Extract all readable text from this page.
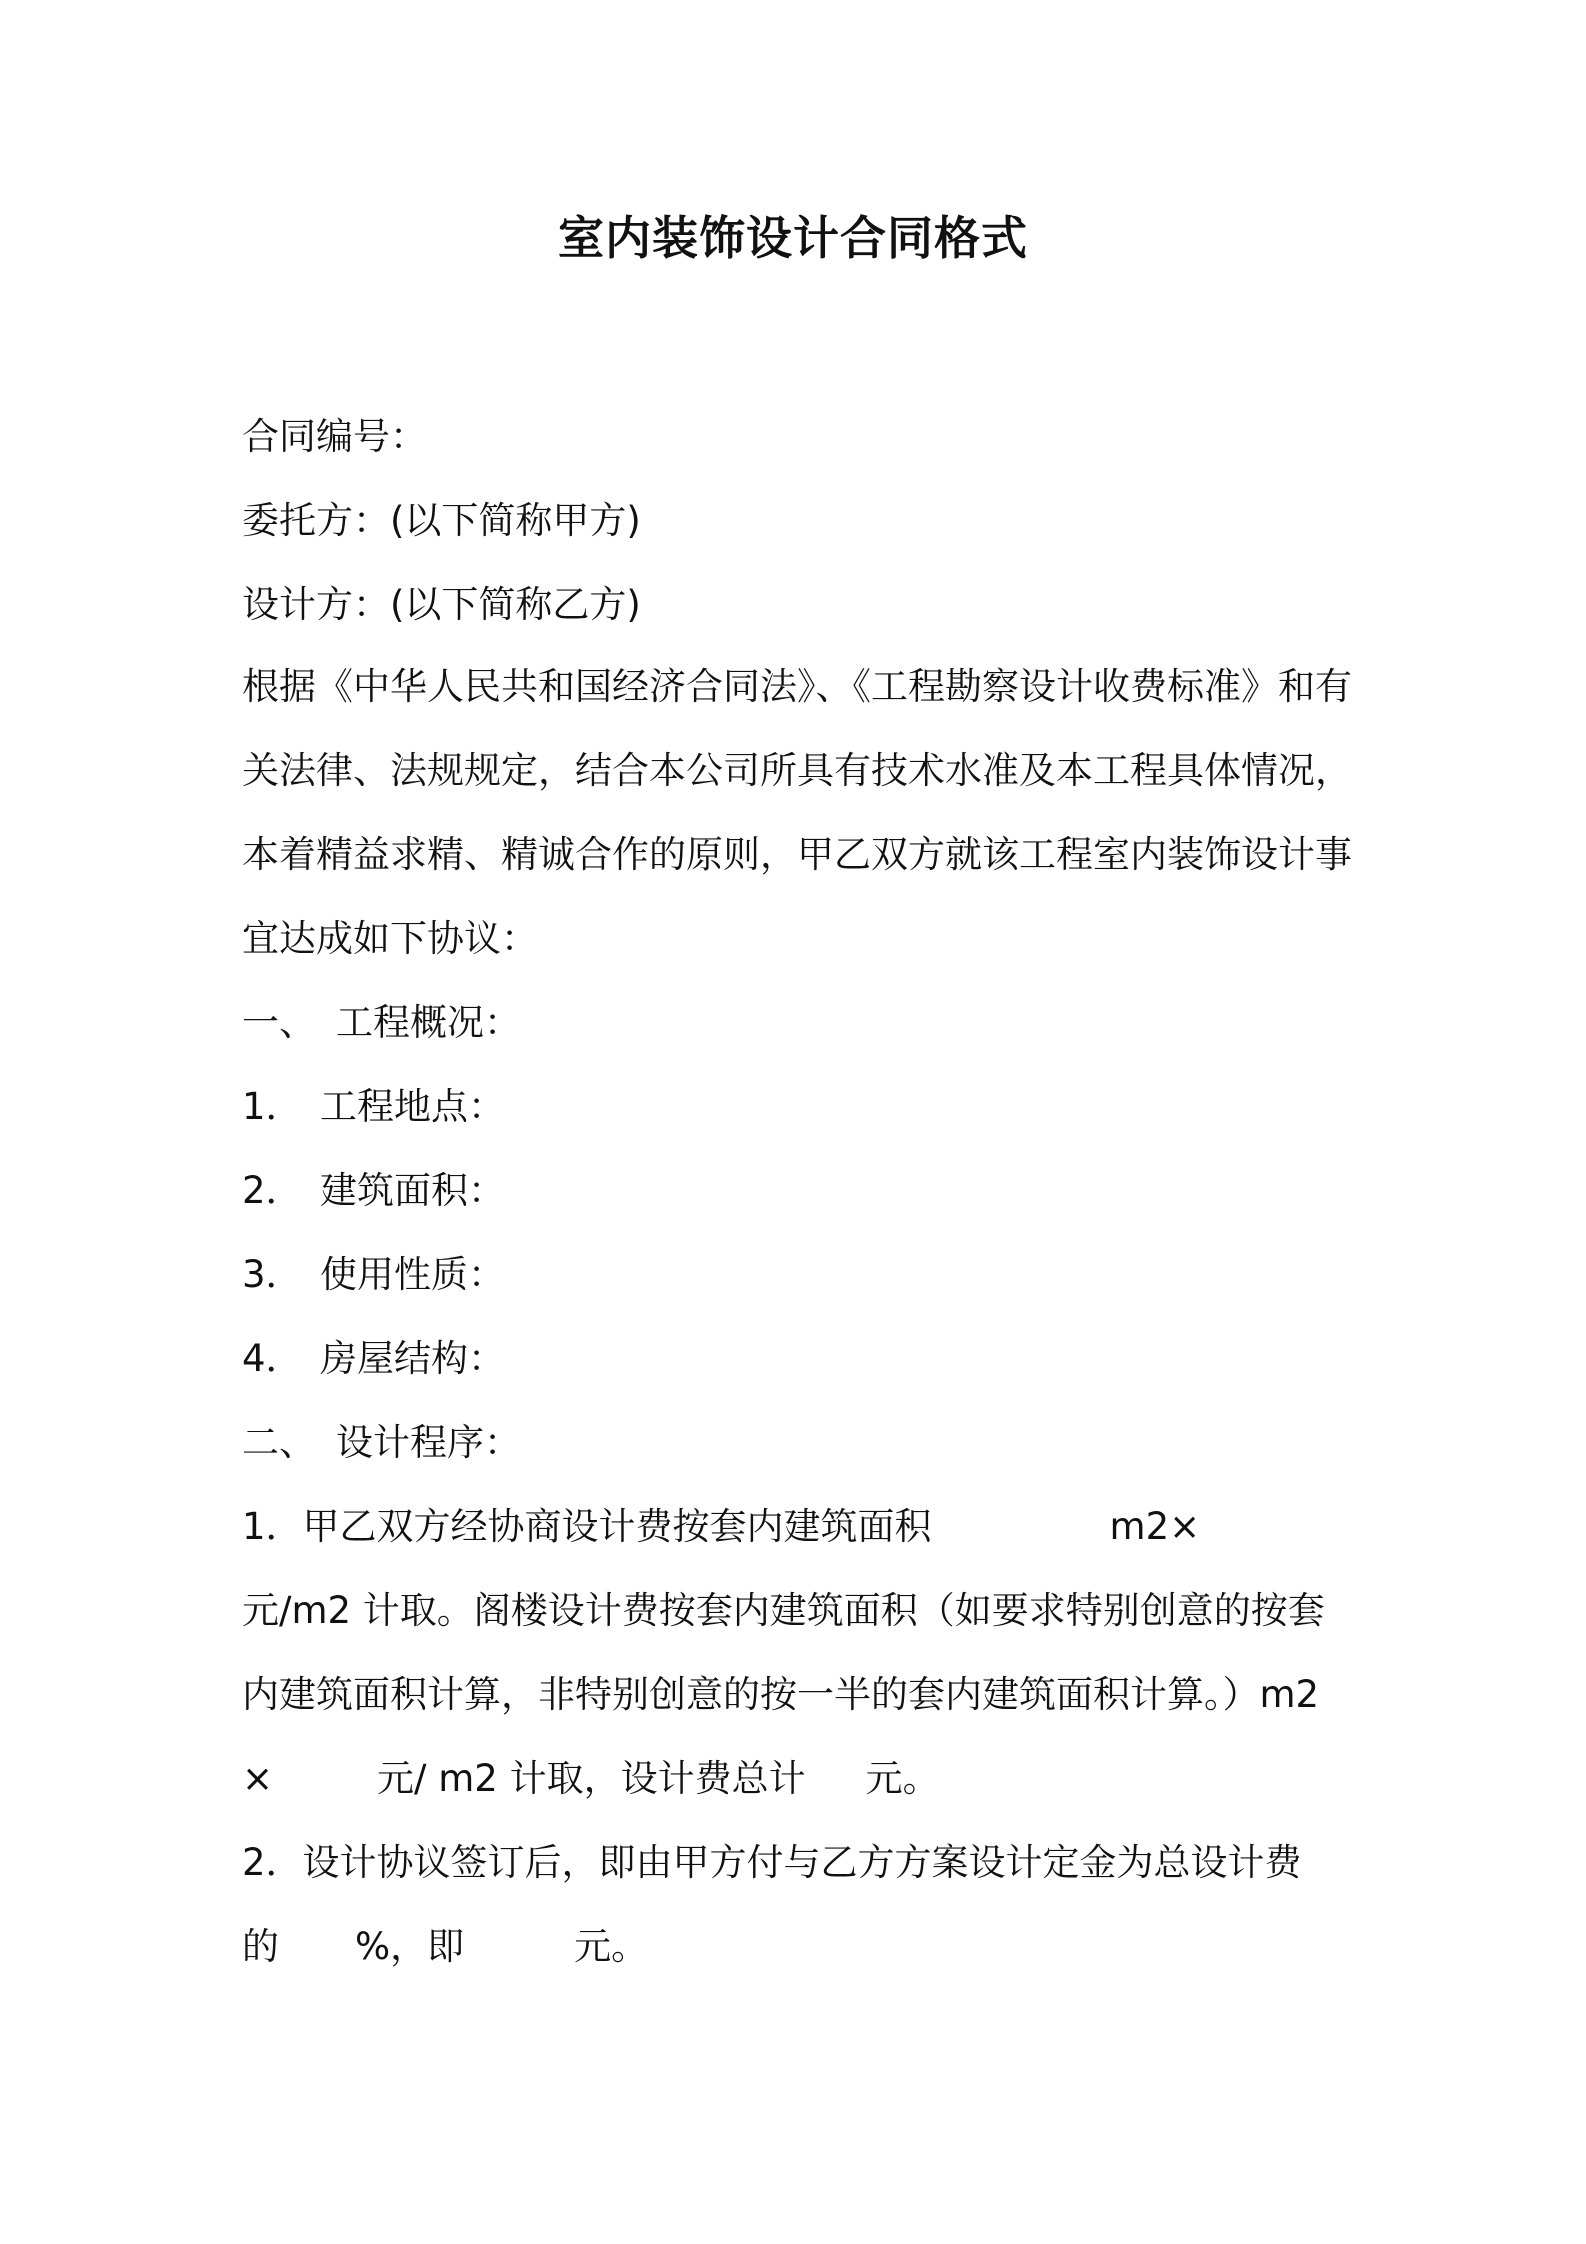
室内装饰设计合同格式
合同编号：
委托方：(以下简称甲方)
设计方：(以下简称乙方)
根据《中华人民共和国经济合同法》、《工程勘察设计收费标准》和有
关法律、法规规定，结合本公司所具有技术水准及本工程具体情况，
本着精益求精、精诚合作的原则，甲乙双方就该工程室内装饰设计事
宜达成如下协议：
一、 工程概况：
1． 工程地点：
2． 建筑面积：
3． 使用性质：
4． 房屋结构：
二、 设计程序：
1．甲乙双方经协商设计费按套内建筑面积	m2×
元/m2 计取。阁楼设计费按套内建筑面积（如要求特别创意的按套
内建筑面积计算，非特别创意的按一半的套内建筑面积计算。）m2
×	元/ m2 计取，设计费总计 元。
2．设计协议签订后，即由甲方付与乙方方案设计定金为总设计费
的 %，即	元。
